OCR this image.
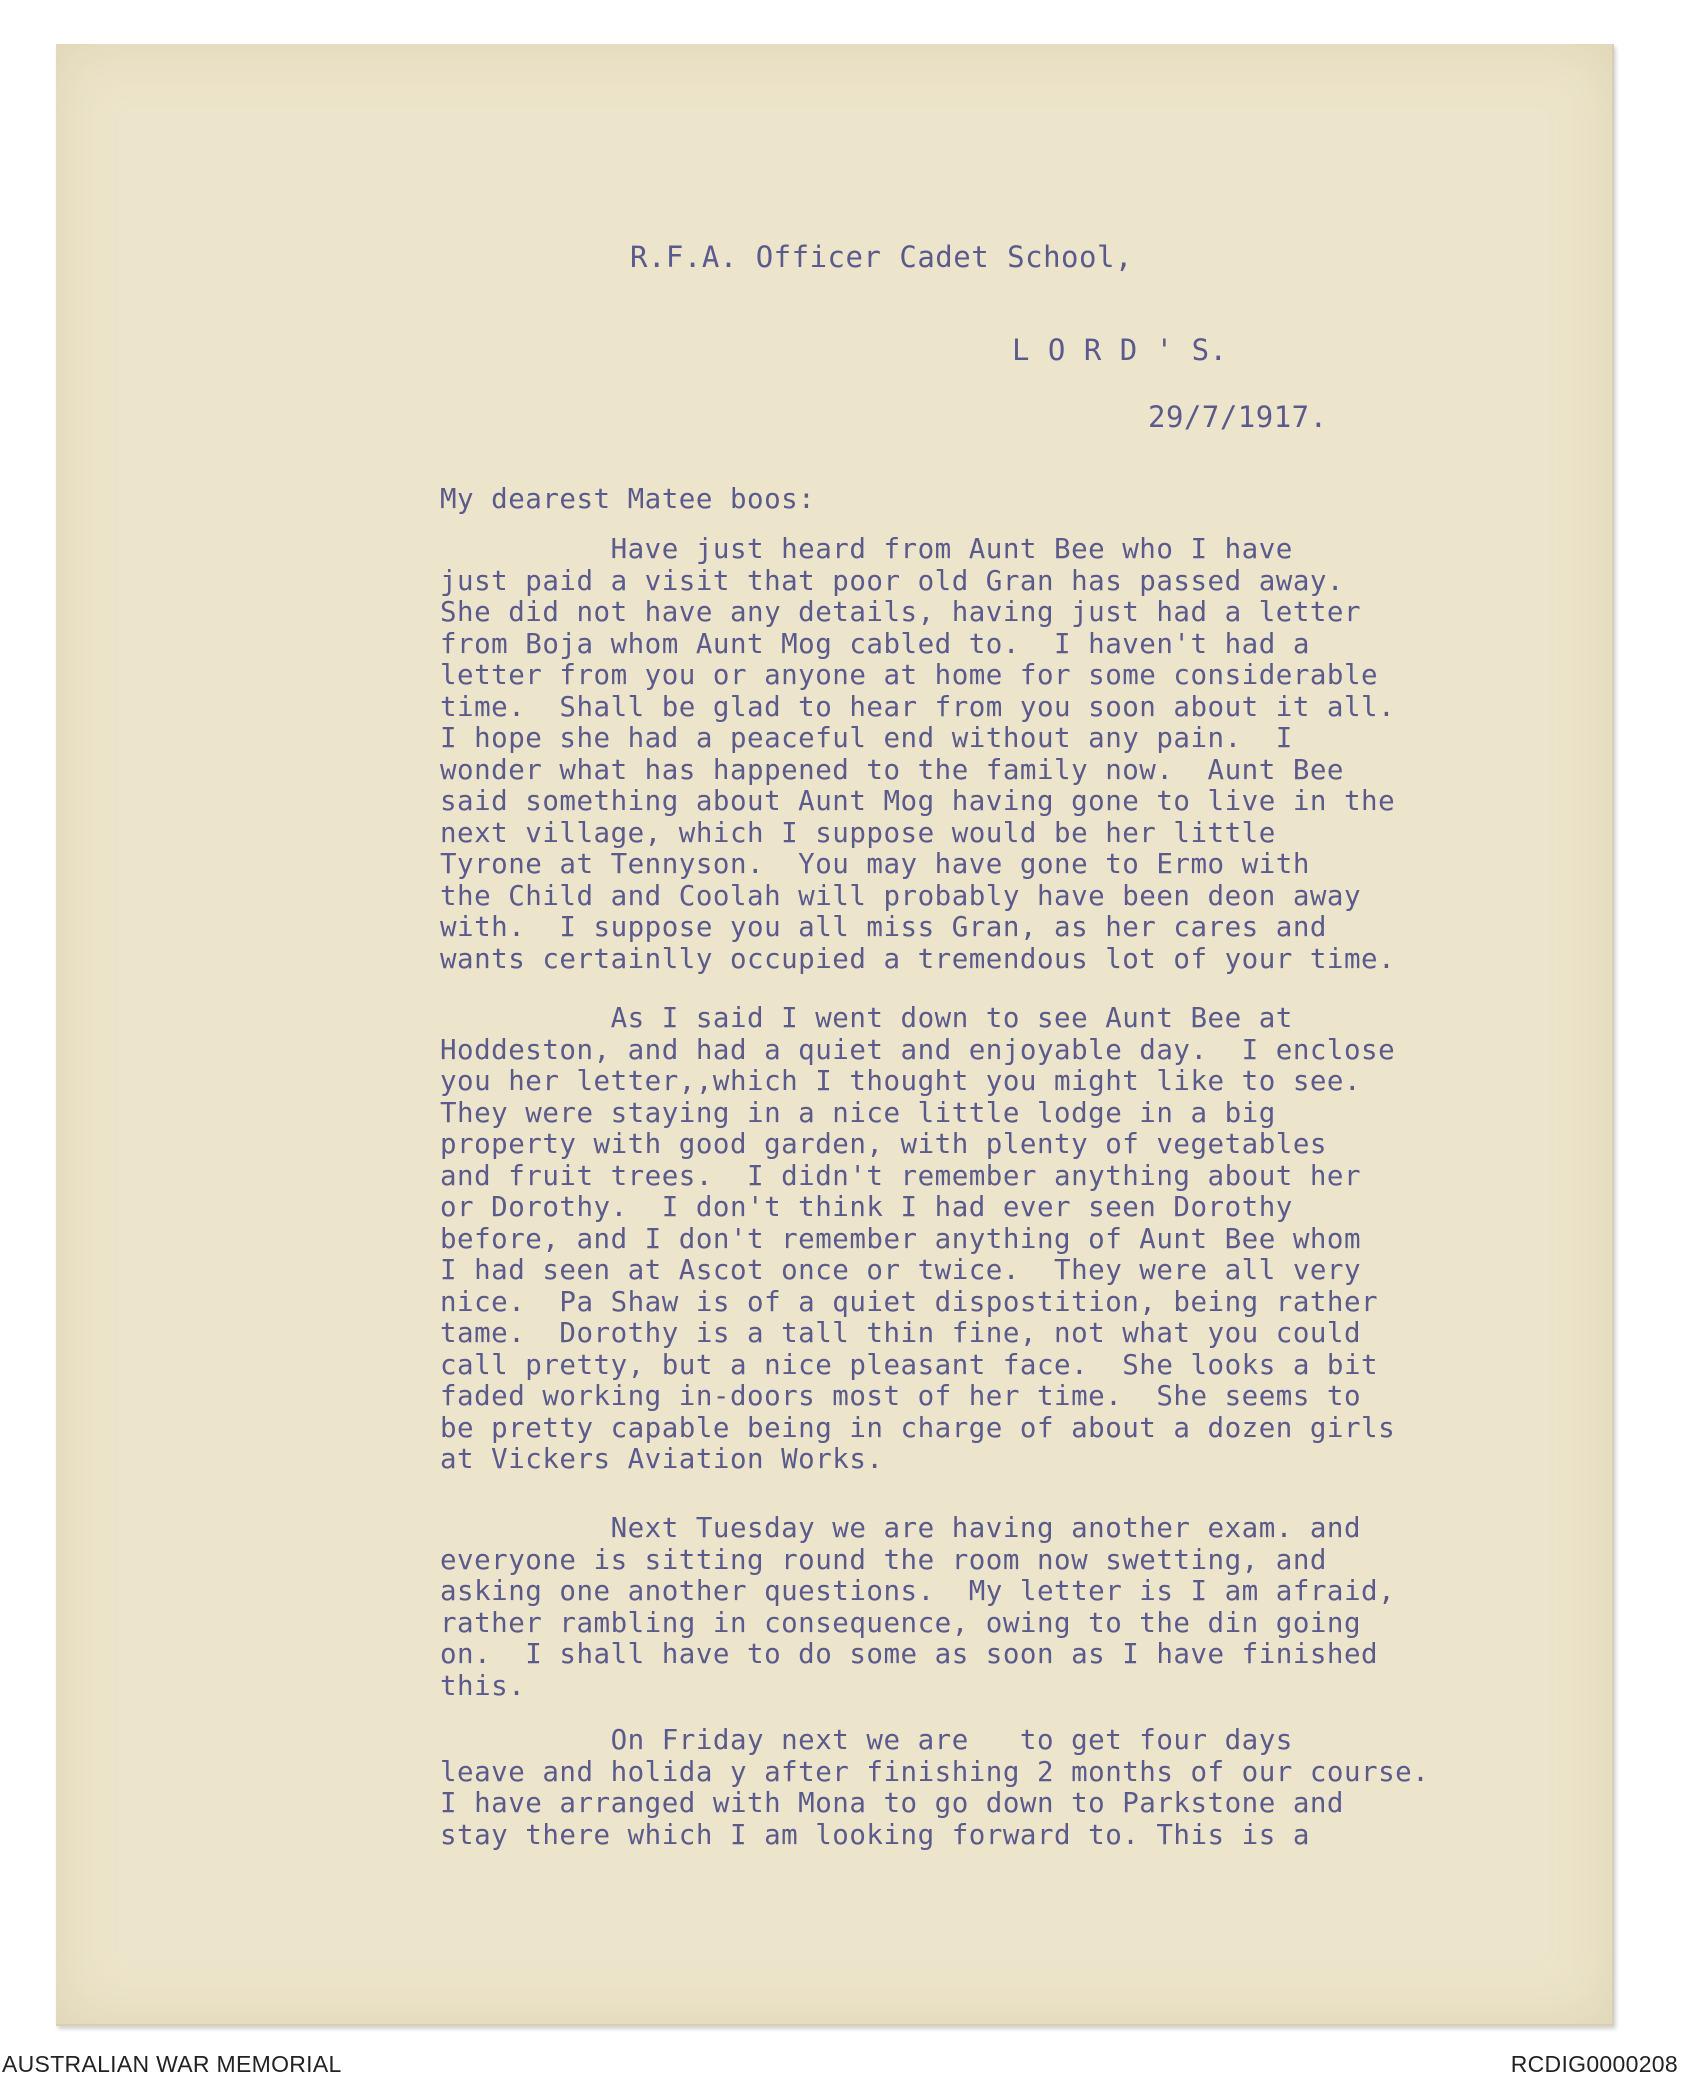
R.F.A. Officer Cadet School,

L O R D ' S.

29/7/1917.

My dearest Matee boos:

Have just heard from Aunt Bee who I have
just paid a visit that poor old Gran has passed away.
She did not have any details, having just had a letter
from Boja whom Aunt Mog cabled to.  I haven't had a
letter from you or anyone at home for some considerable
time.  Shall be glad to hear from you soon about it all.
I hope she had a peaceful end without any pain.  I
wonder what has happened to the family now.  Aunt Bee
said something about Aunt Mog having gone to live in the
next village, which I suppose would be her little
Tyrone at Tennyson.  You may have gone to Ermo with
the Child and Coolah will probably have been deon away
with.  I suppose you all miss Gran, as her cares and
wants certainlly occupied a tremendous lot of your time.
As I said I went down to see Aunt Bee at
Hoddeston, and had a quiet and enjoyable day.  I enclose
you her letter,,which I thought you might like to see.
They were staying in a nice little lodge in a big
property with good garden, with plenty of vegetables
and fruit trees.  I didn't remember anything about her
or Dorothy.  I don't think I had ever seen Dorothy
before, and I don't remember anything of Aunt Bee whom
I had seen at Ascot once or twice.  They were all very
nice.  Pa Shaw is of a quiet dispostition, being rather
tame.  Dorothy is a tall thin fine, not what you could
call pretty, but a nice pleasant face.  She looks a bit
faded working in-doors most of her time.  She seems to
be pretty capable being in charge of about a dozen girls
at Vickers Aviation Works.
Next Tuesday we are having another exam. and
everyone is sitting round the room now swetting, and
asking one another questions.  My letter is I am afraid,
rather rambling in consequence, owing to the din going
on.  I shall have to do some as soon as I have finished
this.
On Friday next we are   to get four days
leave and holida y after finishing 2 months of our course.
I have arranged with Mona to go down to Parkstone and
stay there which I am looking forward to. This is a
AUSTRALIAN WAR MEMORIAL	RCDIG0000208
